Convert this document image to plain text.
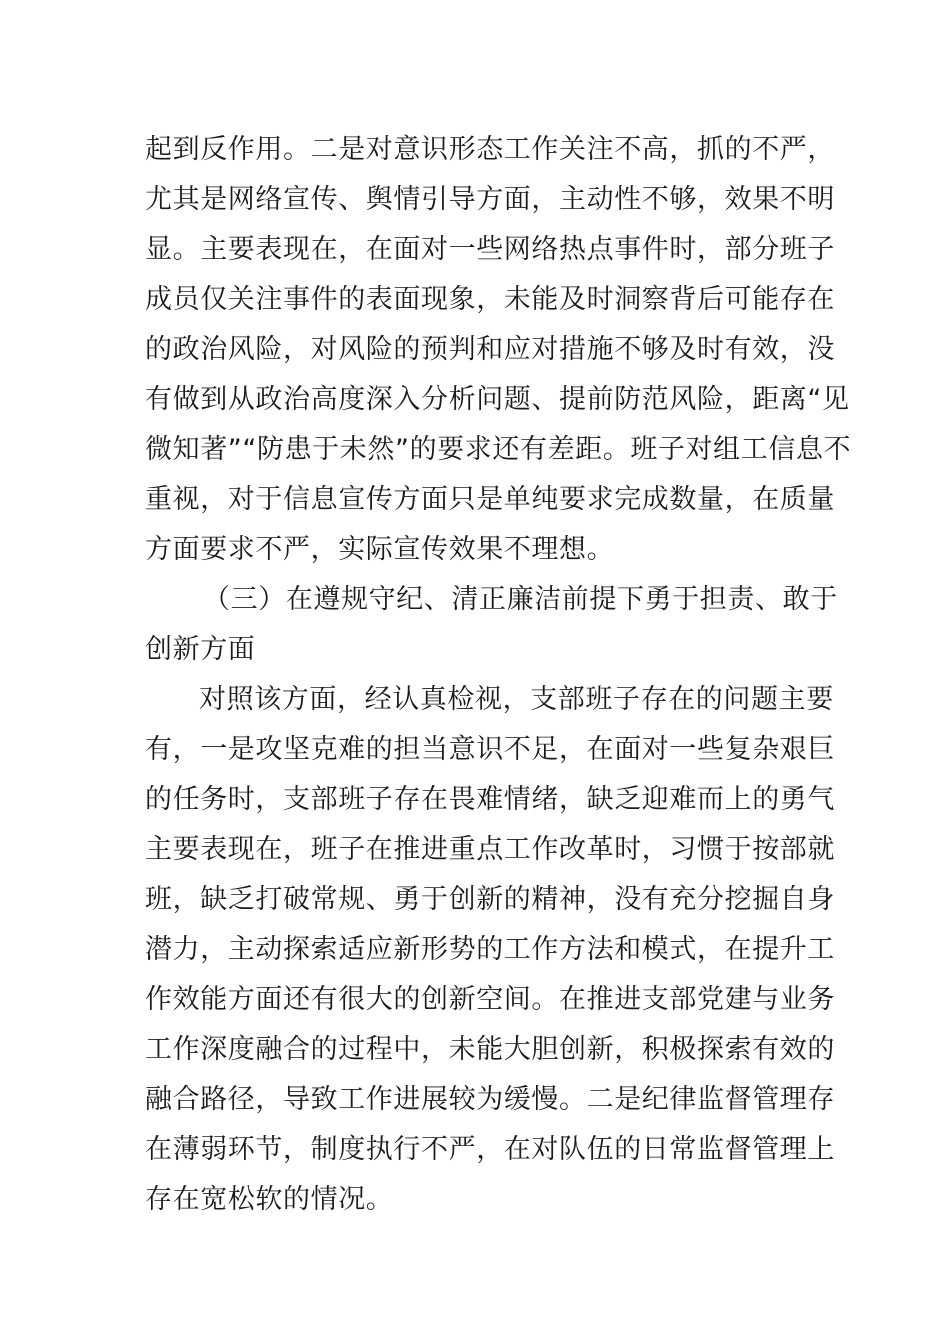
起到反作用。二是对意识形态工作关注不高，抓的不严，
尤其是网络宣传、舆情引导方面，主动性不够，效果不明
显。主要表现在，在面对一些网络热点事件时，部分班子
成员仅关注事件的表面现象，未能及时洞察背后可能存在
的政治风险，对风险的预判和应对措施不够及时有效，没
有做到从政治高度深入分析问题、提前防范风险，距离“见
微知著”“防患于未然”的要求还有差距。班子对组工信息不
重视，对于信息宣传方面只是单纯要求完成数量，在质量
方面要求不严，实际宣传效果不理想。
（三）在遵规守纪、清正廉洁前提下勇于担责、敢于
创新方面
对照该方面，经认真检视，支部班子存在的问题主要
有，一是攻坚克难的担当意识不足，在面对一些复杂艰巨
的任务时，支部班子存在畏难情绪，缺乏迎难而上的勇气
主要表现在，班子在推进重点工作改革时，习惯于按部就
班，缺乏打破常规、勇于创新的精神，没有充分挖掘自身
潜力，主动探索适应新形势的工作方法和模式，在提升工
作效能方面还有很大的创新空间。在推进支部党建与业务
工作深度融合的过程中，未能大胆创新，积极探索有效的
融合路径，导致工作进展较为缓慢。二是纪律监督管理存
在薄弱环节，制度执行不严，在对队伍的日常监督管理上
存在宽松软的情况。
